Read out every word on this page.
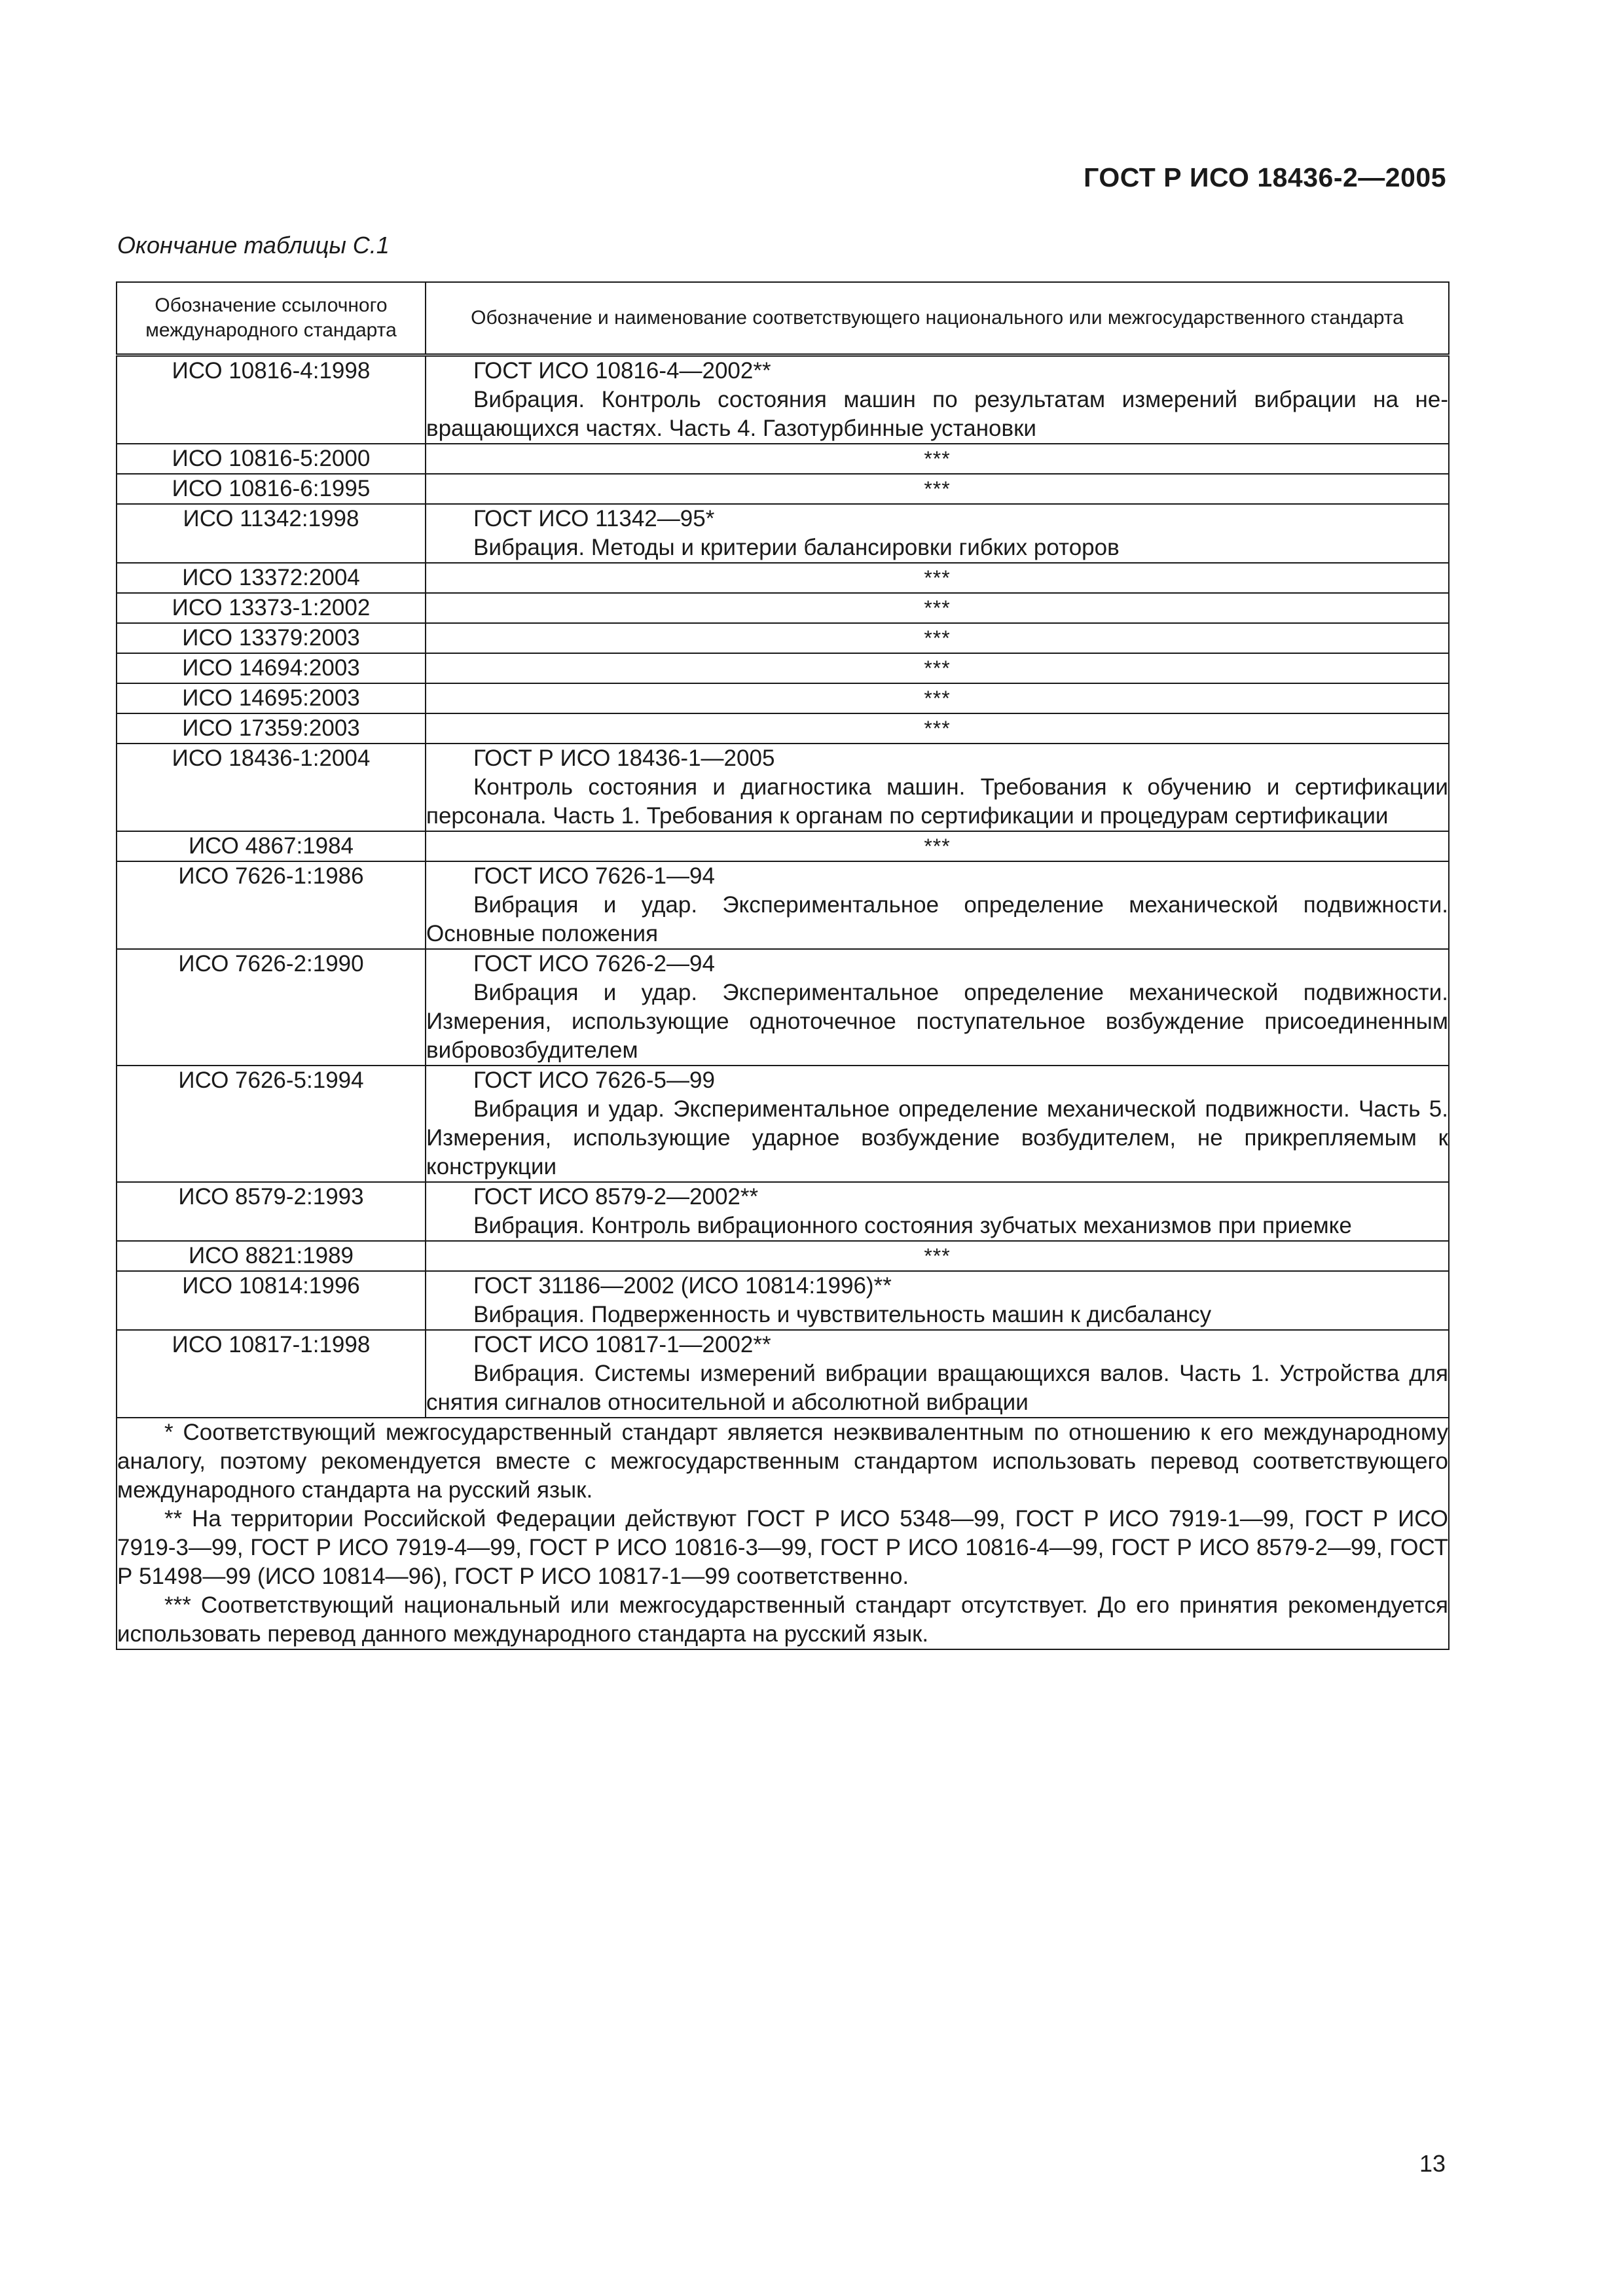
ГОСТ Р ИСО 18436-2—2005
Окончание таблицы С.1
Обозначение ссылочного международного стандарта	Обозначение и наименование соответствующего национального или межгосударственного стандарта
ИСО 10816-4:1998	ГОСТ ИСО 10816-4—2002**
Вибрация. Контроль состояния машин по результатам измерений вибрации на невращающихся частях. Часть 4. Газотурбинные установки

ИСО 10816-5:2000	***
ИСО 10816-6:1995	***
ИСО 11342:1998	ГОСТ ИСО 11342—95*
Вибрация. Методы и критерии балансировки гибких роторов

ИСО 13372:2004	***
ИСО 13373-1:2002	***
ИСО 13379:2003	***
ИСО 14694:2003	***
ИСО 14695:2003	***
ИСО 17359:2003	***
ИСО 18436-1:2004	ГОСТ Р ИСО 18436-1—2005
Контроль состояния и диагностика машин. Требования к обучению и сертификации персонала. Часть 1. Требования к органам по сертификации и процедурам сертификации

ИСО 4867:1984	***
ИСО 7626-1:1986	ГОСТ ИСО 7626-1—94
Вибрация и удар. Экспериментальное определение механической подвижности. Основные положения

ИСО 7626-2:1990	ГОСТ ИСО 7626-2—94
Вибрация и удар. Экспериментальное определение механической подвижности. Измерения, использующие одноточечное поступательное возбуждение присоединенным вибровозбудителем

ИСО 7626-5:1994	ГОСТ ИСО 7626-5—99
Вибрация и удар. Экспериментальное определение механической подвижности. Часть 5. Измерения, использующие ударное возбуждение возбудителем, не прикрепляемым к конструкции

ИСО 8579-2:1993	ГОСТ ИСО 8579-2—2002**
Вибрация. Контроль вибрационного состояния зубчатых механизмов при приемке

ИСО 8821:1989	***
ИСО 10814:1996	ГОСТ 31186—2002 (ИСО 10814:1996)**
Вибрация. Подверженность и чувствительность машин к дисбалансу

ИСО 10817-1:1998	ГОСТ ИСО 10817-1—2002**
Вибрация. Системы измерений вибрации вращающихся валов. Часть 1. Устройства для снятия сигналов относительной и абсолютной вибрации

* Соответствующий межгосударственный стандарт является неэквивалентным по отношению к его международному аналогу, поэтому рекомендуется вместе с межгосударственным стандартом использовать перевод соответствующего международного стандарта на русский язык.
** На территории Российской Федерации действуют ГОСТ Р ИСО 5348—99, ГОСТ Р ИСО 7919-1—99, ГОСТ Р ИСО 7919-3—99, ГОСТ Р ИСО 7919-4—99, ГОСТ Р ИСО 10816-3—99, ГОСТ Р ИСО 10816-4—99, ГОСТ Р ИСО 8579-2—99, ГОСТ Р 51498—99 (ИСО 10814—96), ГОСТ Р ИСО 10817-1—99 соответственно.
*** Соответствующий национальный или межгосударственный стандарт отсутствует. До его принятия рекомендуется использовать перевод данного международного стандарта на русский язык.	
13
